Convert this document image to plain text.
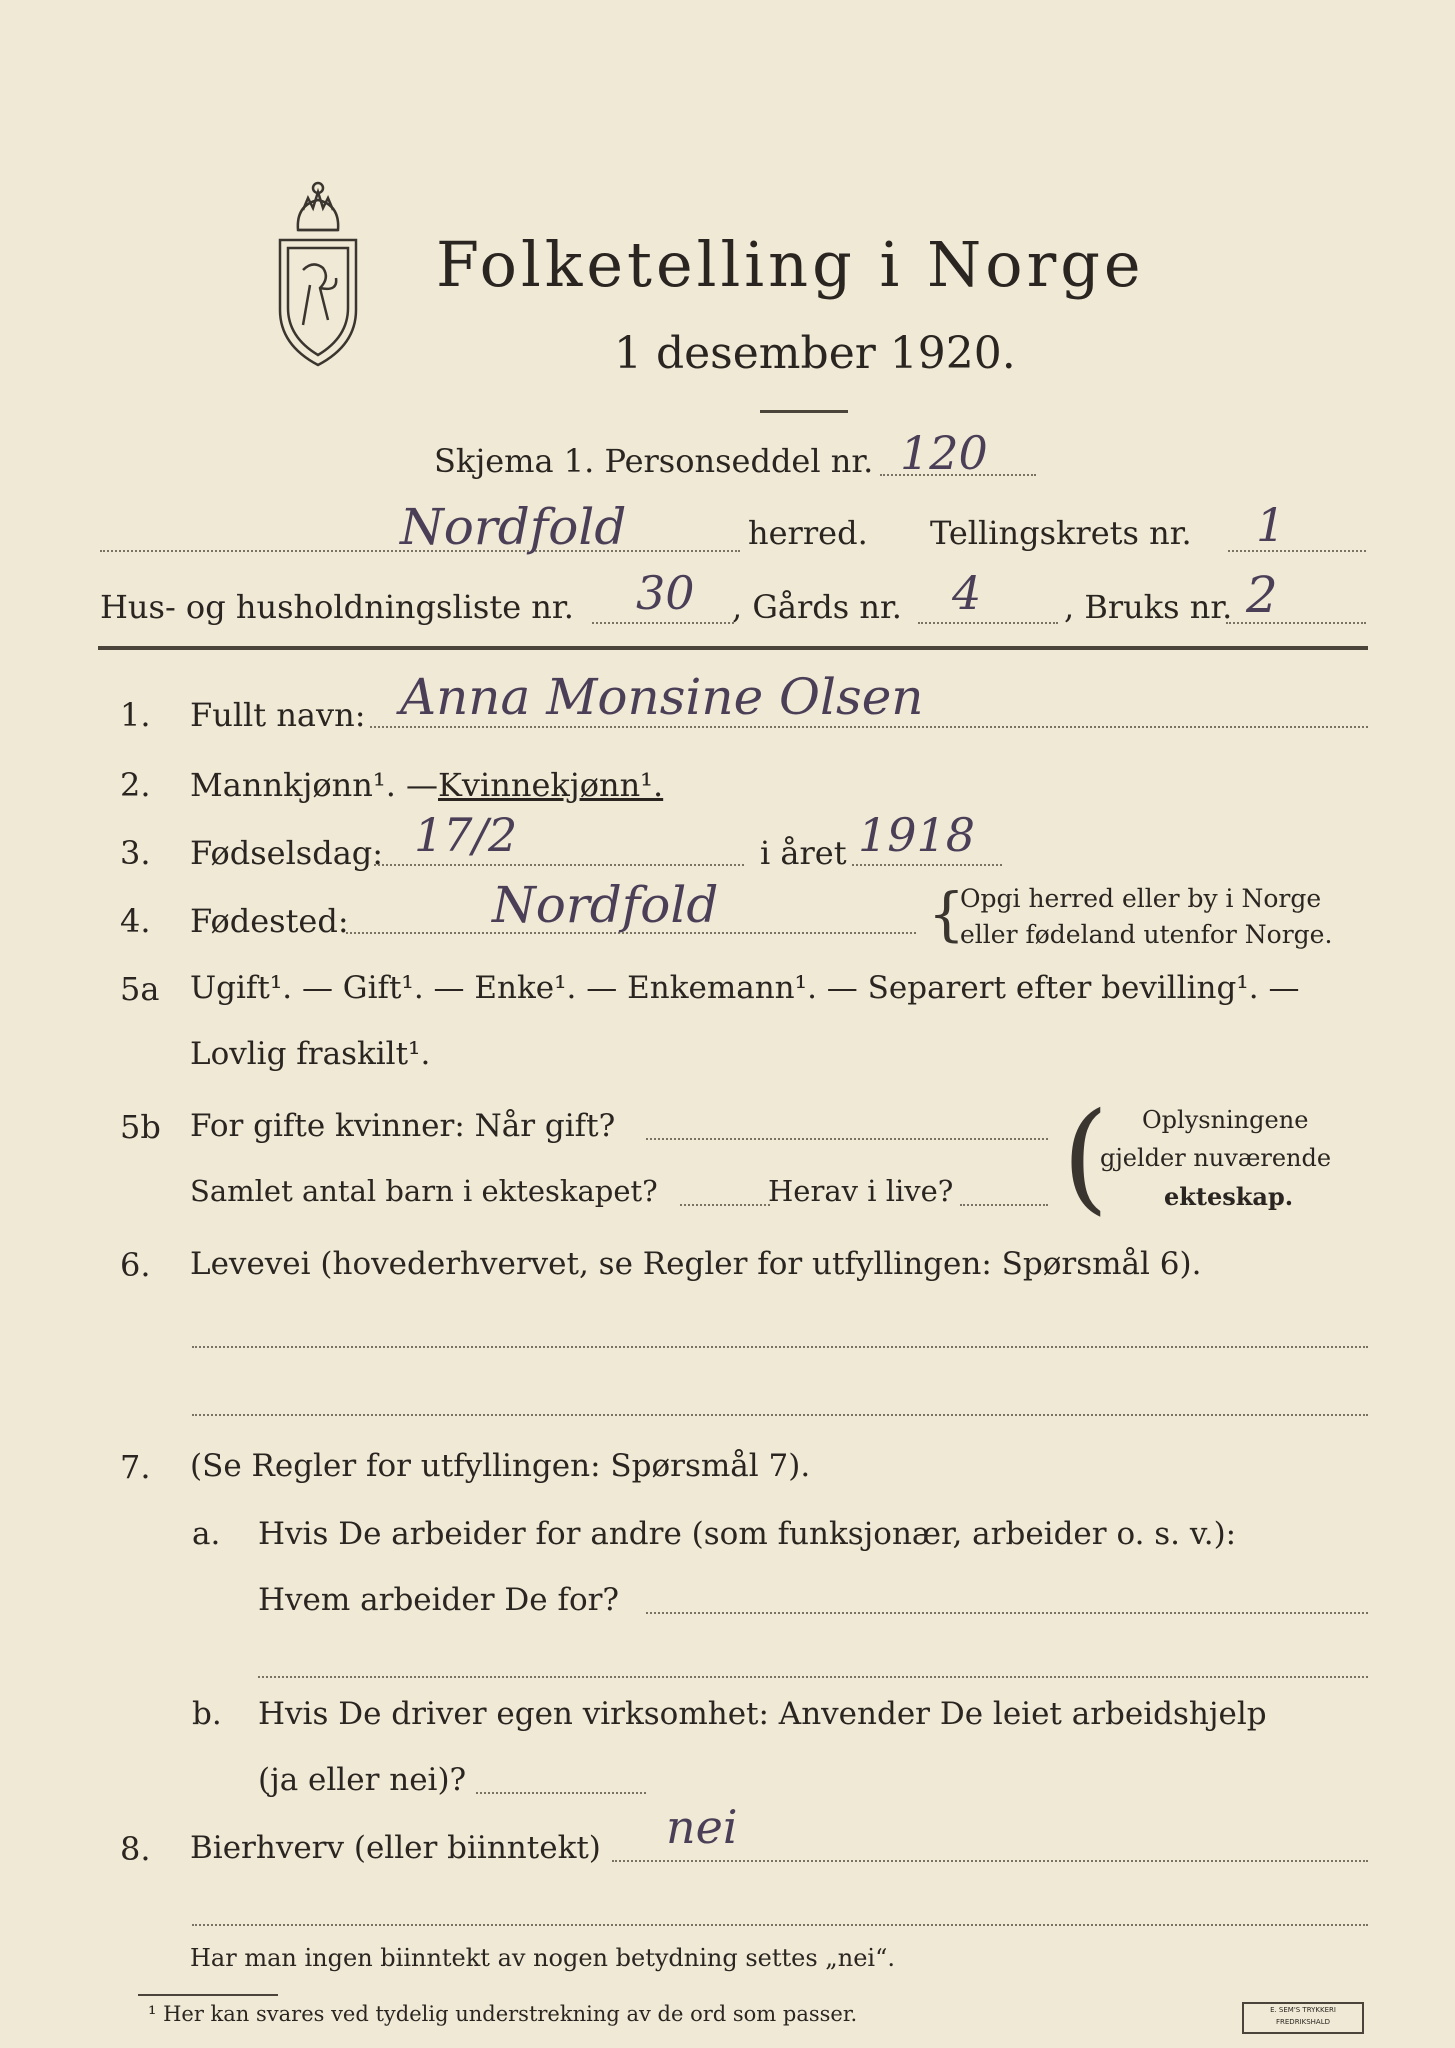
Folketelling i Norge
1 desember 1920.
Skjema 1. Personseddel nr. 120
Nordfold	herred. Tellingskrets nr. 1
Hus- og husholdningsliste nr. 30 , Gårds nr. 4	, Bruks nr. 2
1. Fullt navn: Anna Monsine Olsen
2. Mannkjønn¹. — Kvinnekjønn¹.
3. Fødselsdag: 17/2	i året 1918
4. Fødested:	Nordfold	{
Opgi herred eller by i Norge
eller fødeland utenfor Norge.
5a Ugift¹. — Gift¹. — Enke¹. — Enkemann¹. — Separert efter bevilling¹. —
Lovlig fraskilt¹.
5b For gifte kvinner: Når gift?
Samlet antal barn i ekteskapet?	Herav i live? ( Oplysningene
gjelder nuværende
ekteskap.
6. Levevei (hovederhvervet, se Regler for utfyllingen: Spørsmål 6).
7. (Se Regler for utfyllingen: Spørsmål 7).
a. Hvis De arbeider for andre (som funksjonær, arbeider o. s. v.):
Hvem arbeider De for?
b. Hvis De driver egen virksomhet: Anvender De leiet arbeidshjelp
(ja eller nei)?
8. Bierhverv (eller biinntekt) nei
Har man ingen biinntekt av nogen betydning settes „nei“.
¹ Her kan svares ved tydelig understrekning av de ord som passer.	E. SEM'S TRYKKERI
FREDRIKSHALD
